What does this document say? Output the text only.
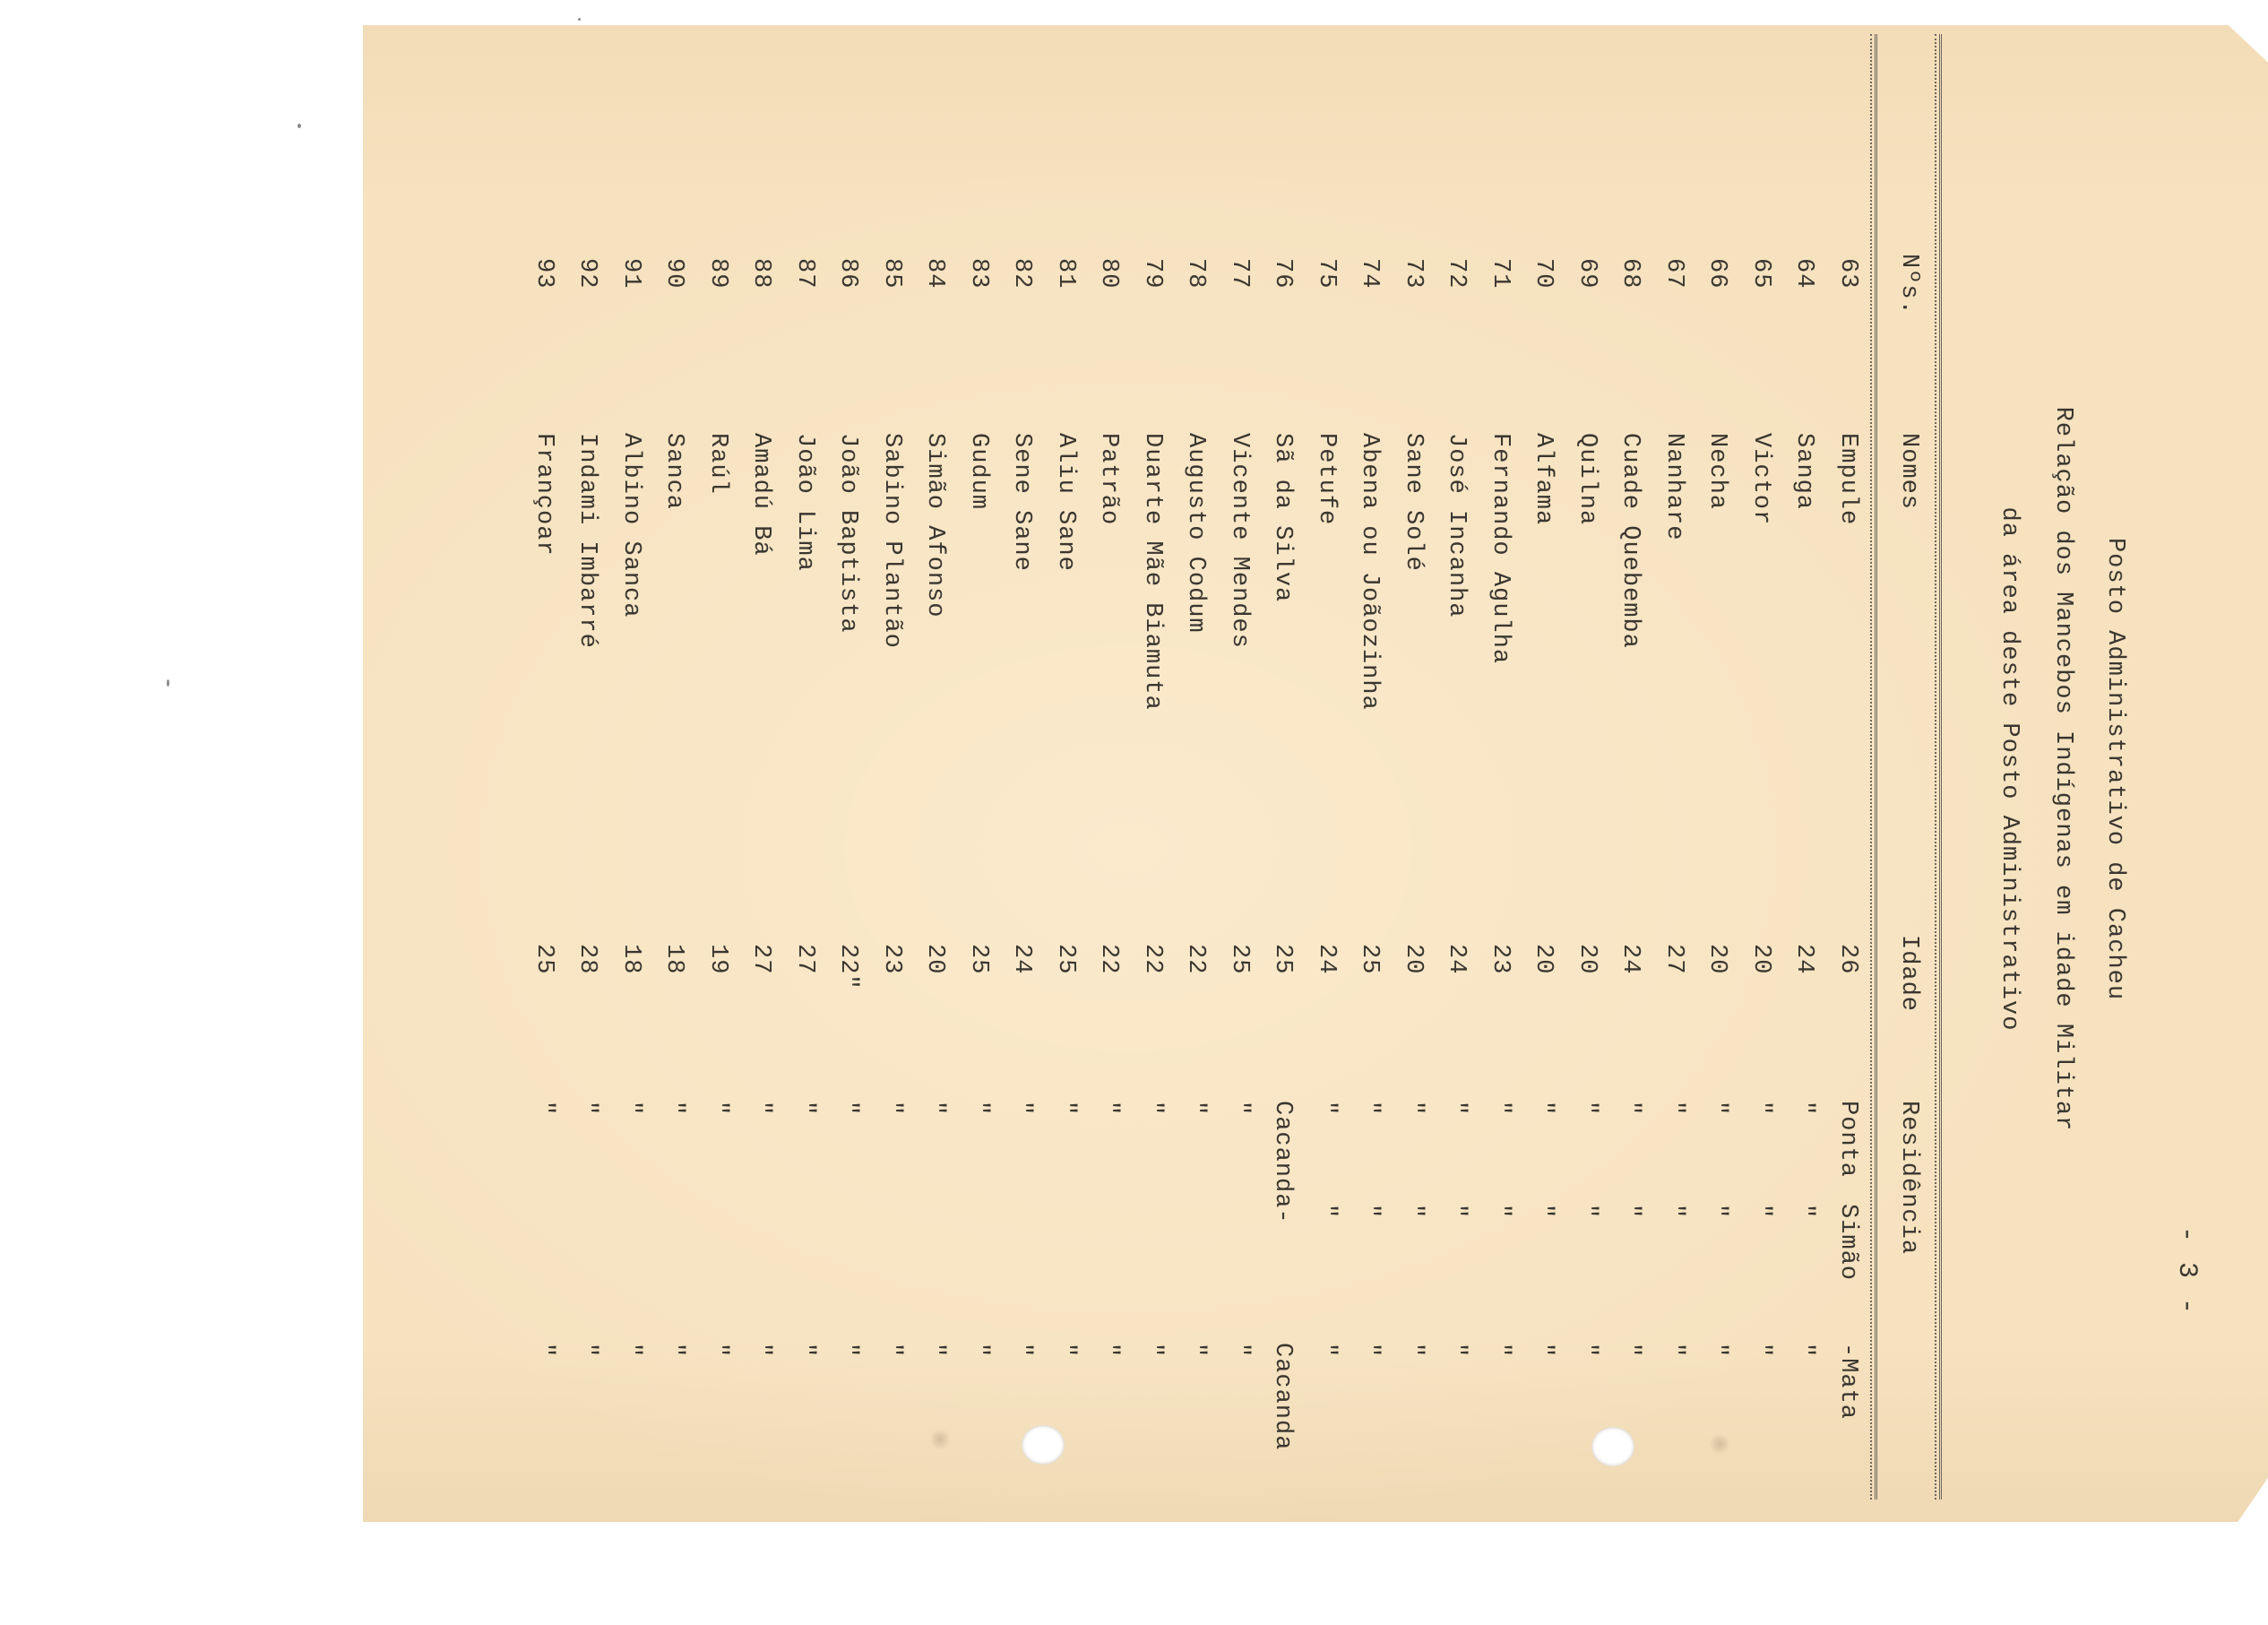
- 3 -
Posto Administrativo de Cacheu
Relação dos Mancebos Indígenas em idade Militar
da área deste Posto Administrativo
Nºs.
Nomes
Idade
Residência
63
Empule
26
Ponta
Simão
-Mata
64
Sanga
24
"
"
"
65
Victor
20
"
"
"
66
Necha
20
"
"
"
67
Nanhare
27
"
"
"
68
Cuade Quebemba
24
"
"
"
69
Quilna
20
"
"
"
70
Alfama
20
"
"
"
71
Fernando Agulha
23
"
"
"
72
José Incanha
24
"
"
"
73
Sane Solé
20
"
"
"
74
Abena ou Joãozinha
25
"
"
"
75
Petufe
24
"
"
"
76
Sã da Silva
25
Cacanda-
Cacanda
77
Vicente Mendes
25
"
"
78
Augusto Codum
22
"
"
79
Duarte Mãe Biamuta
22
"
"
80
Patrão
22
"
"
81
Aliu Sane
25
"
"
82
Sene Sane
24
"
"
83
Gudum
25
"
"
84
Simão Afonso
20
"
"
85
Sabino Plantão
23
"
"
86
João Baptista
22"
"
"
87
João Lima
27
"
"
88
Amadú Bá
27
"
"
89
Raúl
19
"
"
90
Sanca
18
"
"
91
Albino Sanca
18
"
"
92
Indami Imbarré
28
"
"
93
Françoar
25
"
"
